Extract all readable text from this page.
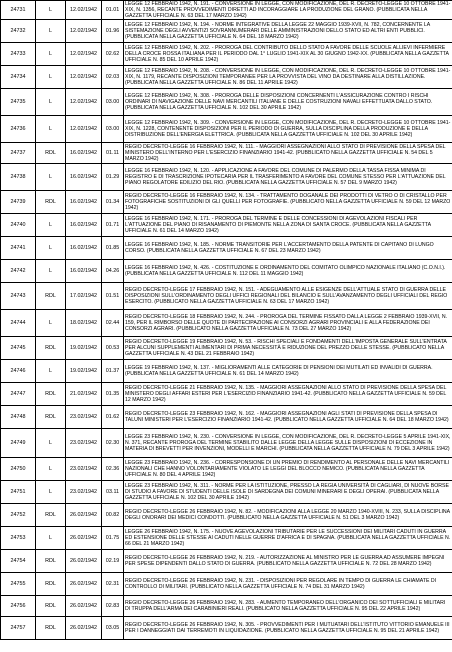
24731	L	12.02/1942	01.01	LEGGE 12 FEBBRAIO 1942, N. 191. - CONVERSIONE IN LEGGE, CON MODIFICAZIONE, DEL R. DECRETO-LEGGE 10 OTTOBRE 1941-XIX, N. 1356, RECANTE PROVVEDIMENTI DIRETTI AD INCORAGGIARE LA PRODUZIONE DEL GRANO. (PUBBLICATA NELLA GAZZETTA UFFICIALE N. 63 DEL 17 MARZO 1942)
24732	L	12.02/1942	01.96	LEGGE 12 FEBBRAIO 1942, N. 194. - NORME INTEGRATIVE DELLA LEGGE 22 MAGGIO 1939-XVII, N. 782, CONCERNENTE LA SISTEMAZIONE DEGLI AVVENTIZI SOVRANNUMERARI DELLE AMMINISTRAZIONI DELLO STATO ED ALTRI ENTI PUBBLICI. (PUBBLICATA NELLA GAZZETTA UFFICIALE N. 64 DEL 18 MARZO 1942)
24733	L	12.02/1942	02.62	LEGGE 12 FEBBRAIO 1942, N. 202. - PROROGA DEL CONTRIBUTO DELLO STATO A FAVORE DELLE SCUOLE ALLIEVI INFERMIERE DELLA CROCE ROSSA ITALIANA PER IL PERIODO DAL 1° LUGLIO 1941-XIX AL 30 GIUGNO 1942-XX. (PUBBLICATA NELLA GAZZETTA UFFICIALE N. 85 DEL 10 APRILE 1942)
24734	L	12.02/1942	02.03	LEGGE 12 FEBBRAIO 1942, N. 208. - CONVERSIONE IN LEGGE, CON MODIFICAZIONE, DEL R. DECRETO-LEGGE 10 OTTOBRE 1941-XIX, N. 1179, RECANTE DISPOSIZIONI TEMPORANEE PER LA PROVVISTA DEL VINO DA DESTINARE ALLA DISTILLAZIONE. (PUBBLICATA NELLA GAZZETTA UFFICIALE N. 86 DEL 11 APRILE 1942)
24735	L	12.02/1942	03.00	LEGGE 12 FEBBRAIO 1942, N. 308. - PROROGA DELLE DISPOSIZIONI CONCERNENTI L'ASSICURAZIONE CONTRO I RISCHI ORDINARI DI NAVIGAZIONE DELLE NAVI MERCANTILI ITALIANE E DELLE COSTRUZIONI NAVALI EFFETTUATA DALLO STATO. (PUBBLICATA NELLA GAZZETTA UFFICIALE N. 102 DEL 30 APRILE 1942)
24736	L	12.02/1942	03.00	LEGGE 12 FEBBRAIO 1942, N. 309. - CONVERSIONE IN LEGGE, CON MODIFICAZIONE, DEL R. DECRETO-LEGGE 10 OTTOBRE 1941-XIX, N. 1228, CONTENENTE DISPOSIZIONI PER IL PERIODO DI GUERRA, SULLA DISCIPLINA DELLA PRODUZIONE E DELLA DISTRIBUZIONE DELL'ENERGIA ELETTRICA. (PUBBLICATA NELLA GAZZETTA UFFICIALE N. 102 DEL 30 APRILE 1942)
24737	RDL	16.02/1942	01.11	REGIO DECRETO-LEGGE 16 FEBBRAIO 1942, N. 111. - MAGGIORI ASSEGNAZIONI ALLO STATO DI PREVISIONE DELLA SPESA DEL MINISTERO DELL'INTERNO PER L'ESERCIZIO FINANZIARIO 1941-42. (PUBBLICATO NELLA GAZZETTA UFFICIALE N. 54 DEL 5 MARZO 1942)
24738	L	16.02/1942	01.29	LEGGE 16 FEBBRAIO 1942, N. 120. - APPLICAZIONE A FAVORE DEL COMUNE DI PALERMO DELLA TASSA FISSA MINIMA DI REGISTRO E DI TRASCRIZIONE IPOTECARIA PER IL TRASFERIMENTO A FAVORE DEL COMUNE STESSO PER L'ATTUAZIONE DEL PIANO REGOLATORE EDILIZIO DEL RIO. (PUBBLICATA NELLA GAZZETTA UFFICIALE N. 57 DEL 9 MARZO 1942)
24739	RDL	16.02/1942	01.34	REGIO DECRETO-LEGGE 16 FEBBRAIO 1942, N. 134. - TRATTAMENTO DOGANALE DEI PRODOTTI DI VETRO O DI CRISTALLO PER FOTOGRAFICHE SOSTITUZIONI DI GLI QUELLI PER FOTOGRAFIE. (PUBBLICATO NELLA GAZZETTA UFFICIALE N. 59 DEL 12 MARZO 1942)
24740	L	16.02/1942	01.71	LEGGE 16 FEBBRAIO 1942, N. 171. - PROROGA DEL TERMINE E DELLE CONCESSIONI DI AGEVOLAZIONI FISCALI PER L'ATTUAZIONE DEL PIANO DI RISANAMENTO DI PIEMONTE NELLA ZONA DI SANTA CROCE. (PUBBLICATA NELLA GAZZETTA UFFICIALE N. 61 DEL 14 MARZO 1942)
24741	L	16.02/1942	01.85	LEGGE 16 FEBBRAIO 1942, N. 185. - NORME TRANSITORIE PER L'ACCERTAMENTO DELLA PATENTE DI CAPITANO DI LUNGO CORSO. (PUBBLICATA NELLA GAZZETTA UFFICIALE N. 67 DEL 23 MARZO 1942)
24742	L	16.02/1942	04.26	LEGGE 16 FEBBRAIO 1942, N. 426. - COSTITUZIONE E ORDINAMENTO DEL COMITATO OLIMPICO NAZIONALE ITALIANO (C.O.N.I.). (PUBBLICATA NELLA GAZZETTA UFFICIALE N. 112 DEL 11 MAGGIO 1942)
24743	RDL	17.02/1942	01.51	REGIO DECRETO-LEGGE 17 FEBBRAIO 1942, N. 151. - ADEGUAMENTO ALLE ESIGENZE DELL'ATTUALE STATO DI GUERRA DELLE DISPOSIZIONI SULL'ORDINAMENTO DEGLI UFFICI REGIONALI DEL BILANCIO E SULL'AVANZAMENTO DEGLI UFFICIALI DEL REGIO ESERCITO. (PUBBLICATO NELLA GAZZETTA UFFICIALE N. 63 DEL 17 MARZO 1942)
24744	L	18.02/1942	02.44	REGIO DECRETO-LEGGE 18 FEBBRAIO 1942, N. 244. - PROROGA DEL TERMINE FISSATO DALLA LEGGE 2 FEBBRAIO 1939-XVII, N. 159, PER IL RIMBORSO DELLE QUOTE DI PARTECIPAZIONE AI CONSORZI AGRARI PROVINCIALI E ALLA FEDERAZIONE DEI CONSORZI AGRARI. (PUBBLICATO NELLA GAZZETTA UFFICIALE N. 73 DEL 27 MARZO 1942)
24745	RDL	19.02/1942	00.53	REGIO DECRETO-LEGGE 19 FEBBRAIO 1942, N. 53. - RISCHI SPECIALI E FONDAMENTI DELL'IMPOSTA GENERALE SULL'ENTRATA PER ALCUNI SUPPLEMENTI ALIMENTARI DI PRIMA NECESSITÀ E RIDUZIONE DEL PREZZO DELLE STESSE. (PUBBLICATO NELLA GAZZETTA UFFICIALE N. 43 DEL 21 FEBBRAIO 1942)
24746	L	19.02/1942	01.37	LEGGE 19 FEBBRAIO 1942, N. 137. - MIGLIORAMENTI ALLE CATEGORIE DI PENSIONI DEI MUTILATI ED INVALIDI DI GUERRA. (PUBBLICATA NELLA GAZZETTA UFFICIALE N. 61 DEL 14 MARZO 1942)
24747	RDL	21.02/1942	01.35	REGIO DECRETO-LEGGE 21 FEBBRAIO 1942, N. 135. - MAGGIORI ASSEGNAZIONI ALLO STATO DI PREVISIONE DELLA SPESA DEL MINISTERO DEGLI AFFARI ESTERI PER L'ESERCIZIO FINANZIARIO 1941-42. (PUBBLICATO NELLA GAZZETTA UFFICIALE N. 59 DEL 12 MARZO 1942)
24748	RDL	23.02/1942	01.62	REGIO DECRETO-LEGGE 23 FEBBRAIO 1942, N. 162. - MAGGIORI ASSEGNAZIONI AGLI STATI DI PREVISIONE DELLA SPESA DI TALUNI MINISTERI PER L'ESERCIZIO FINANZIARIO 1941-42. (PUBBLICATO NELLA GAZZETTA UFFICIALE N. 64 DEL 18 MARZO 1942)
24749	L	23.02/1942	02.30	LEGGE 23 FEBBRAIO 1942, N. 230. - CONVERSIONE IN LEGGE, CON MODIFICAZIONE, DEL R. DECRETO-LEGGE 5 APRILE 1941-XIX, N. 371, RECANTE PROROGA DEL TERMINE STABILITO DALLE LEGGE DELLA LEGGE SULLE DISPOSIZIONI DI ECCEZIONE IN MATERIA DI BREVETTI PER INVENZIONI, MODELLI E MARCHI. (PUBBLICATA NELLA GAZZETTA UFFICIALE N. 79 DEL 3 APRILE 1942)
24750	L	23.02/1942	02.36	LEGGE 23 FEBBRAIO 1942, N. 236. - CORRESPONSIONE DI UN PREMIO DI RENDIMENTO AL PERSONALE DELLE NAVI MERCANTILI NAZIONALI CHE HANNO VOLONTARIAMENTE VIOLATO LE LEGGI DEL BLOCCO NEMICO. (PUBBLICATA NELLA GAZZETTA UFFICIALE N. 80 DEL 4 APRILE 1942)
24751	L	23.02/1942	03.11	LEGGE 23 FEBBRAIO 1942, N. 311. - NORME PER LA ISTITUZIONE, PRESSO LA REGIA UNIVERSITÀ DI CAGLIARI, DI NUOVE BORSE DI STUDIO A FAVORE DI STUDENTI DELLE ISOLE DI SARDEGNA DEI COMUNI MINERARI E DEGLI OPERAI. (PUBBLICATA NELLA GAZZETTA UFFICIALE N. 102 DEL 30 APRILE 1942)
24752	RDL	26.02/1942	00.82	REGIO DECRETO-LEGGE 26 FEBBRAIO 1942, N. 82. - MODIFICAZIONI ALLA LEGGE 20 MARZO 1940-XVIII, N. 233, SULLA DISCIPLINA DEGLI ONORARI DEI MEDICI CONDOTTI. (PUBBLICATO NELLA GAZZETTA UFFICIALE N. 51 DEL 3 MARZO 1942)
24753	L	26.02/1942	01.75	LEGGE 26 FEBBRAIO 1942, N. 175. - NUOVE AGEVOLAZIONI TRIBUTARIE PER LE SUCCESSIONI DEI MILITARI CADUTI IN GUERRA ED ESTENSIONE DELLE STESSE AI CADUTI NELLE GUERRE D'AFRICA E DI SPAGNA. (PUBBLICATA NELLA GAZZETTA UFFICIALE N. 66 DEL 21 MARZO 1942)
24754	RDL	26.02/1942	02.19	REGIO DECRETO-LEGGE 26 FEBBRAIO 1942, N. 219. - AUTORIZZAZIONE AL MINISTRO PER LE GUERRA AD ASSUMERE IMPEGNI PER SPESE DIPENDENTI DALLO STATO DI GUERRA. (PUBBLICATO NELLA GAZZETTA UFFICIALE N. 72 DEL 28 MARZO 1942)
24755	RDL	26.02/1942	02.31	REGIO DECRETO-LEGGE 26 FEBBRAIO 1942, N. 231. - DISPOSIZIONI PER REGOLARE IN TEMPO DI GUERRA LE CHIAMATE DI CONTROLLO DI MILITARI. (PUBBLICATO NELLA GAZZETTA UFFICIALE N. 74 DEL 31 MARZO 1942)
24756	RDL	26.02/1942	02.83	REGIO DECRETO-LEGGE 26 FEBBRAIO 1942, N. 283. - AUMENTO TEMPORANEO DELL'ORGANICO DEI SOTTUFFICIALI E MILITARI DI TRUPPA DELL'ARMA DEI CARABINIERI REALI. (PUBBLICATO NELLA GAZZETTA UFFICIALE N. 95 DEL 22 APRILE 1942)
24757	RDL	26.02/1942	03.05	REGIO DECRETO-LEGGE 26 FEBBRAIO 1942, N. 305. - PROVVEDIMENTI PER I MUTUATARI DELL'ISTITUTO VITTORIO EMANUELE III PER I DANNEGGIATI DAI TERREMOTI IN LIQUIDAZIONE. (PUBBLICATO NELLA GAZZETTA UFFICIALE N. 95 DEL 21 APRILE 1942)
